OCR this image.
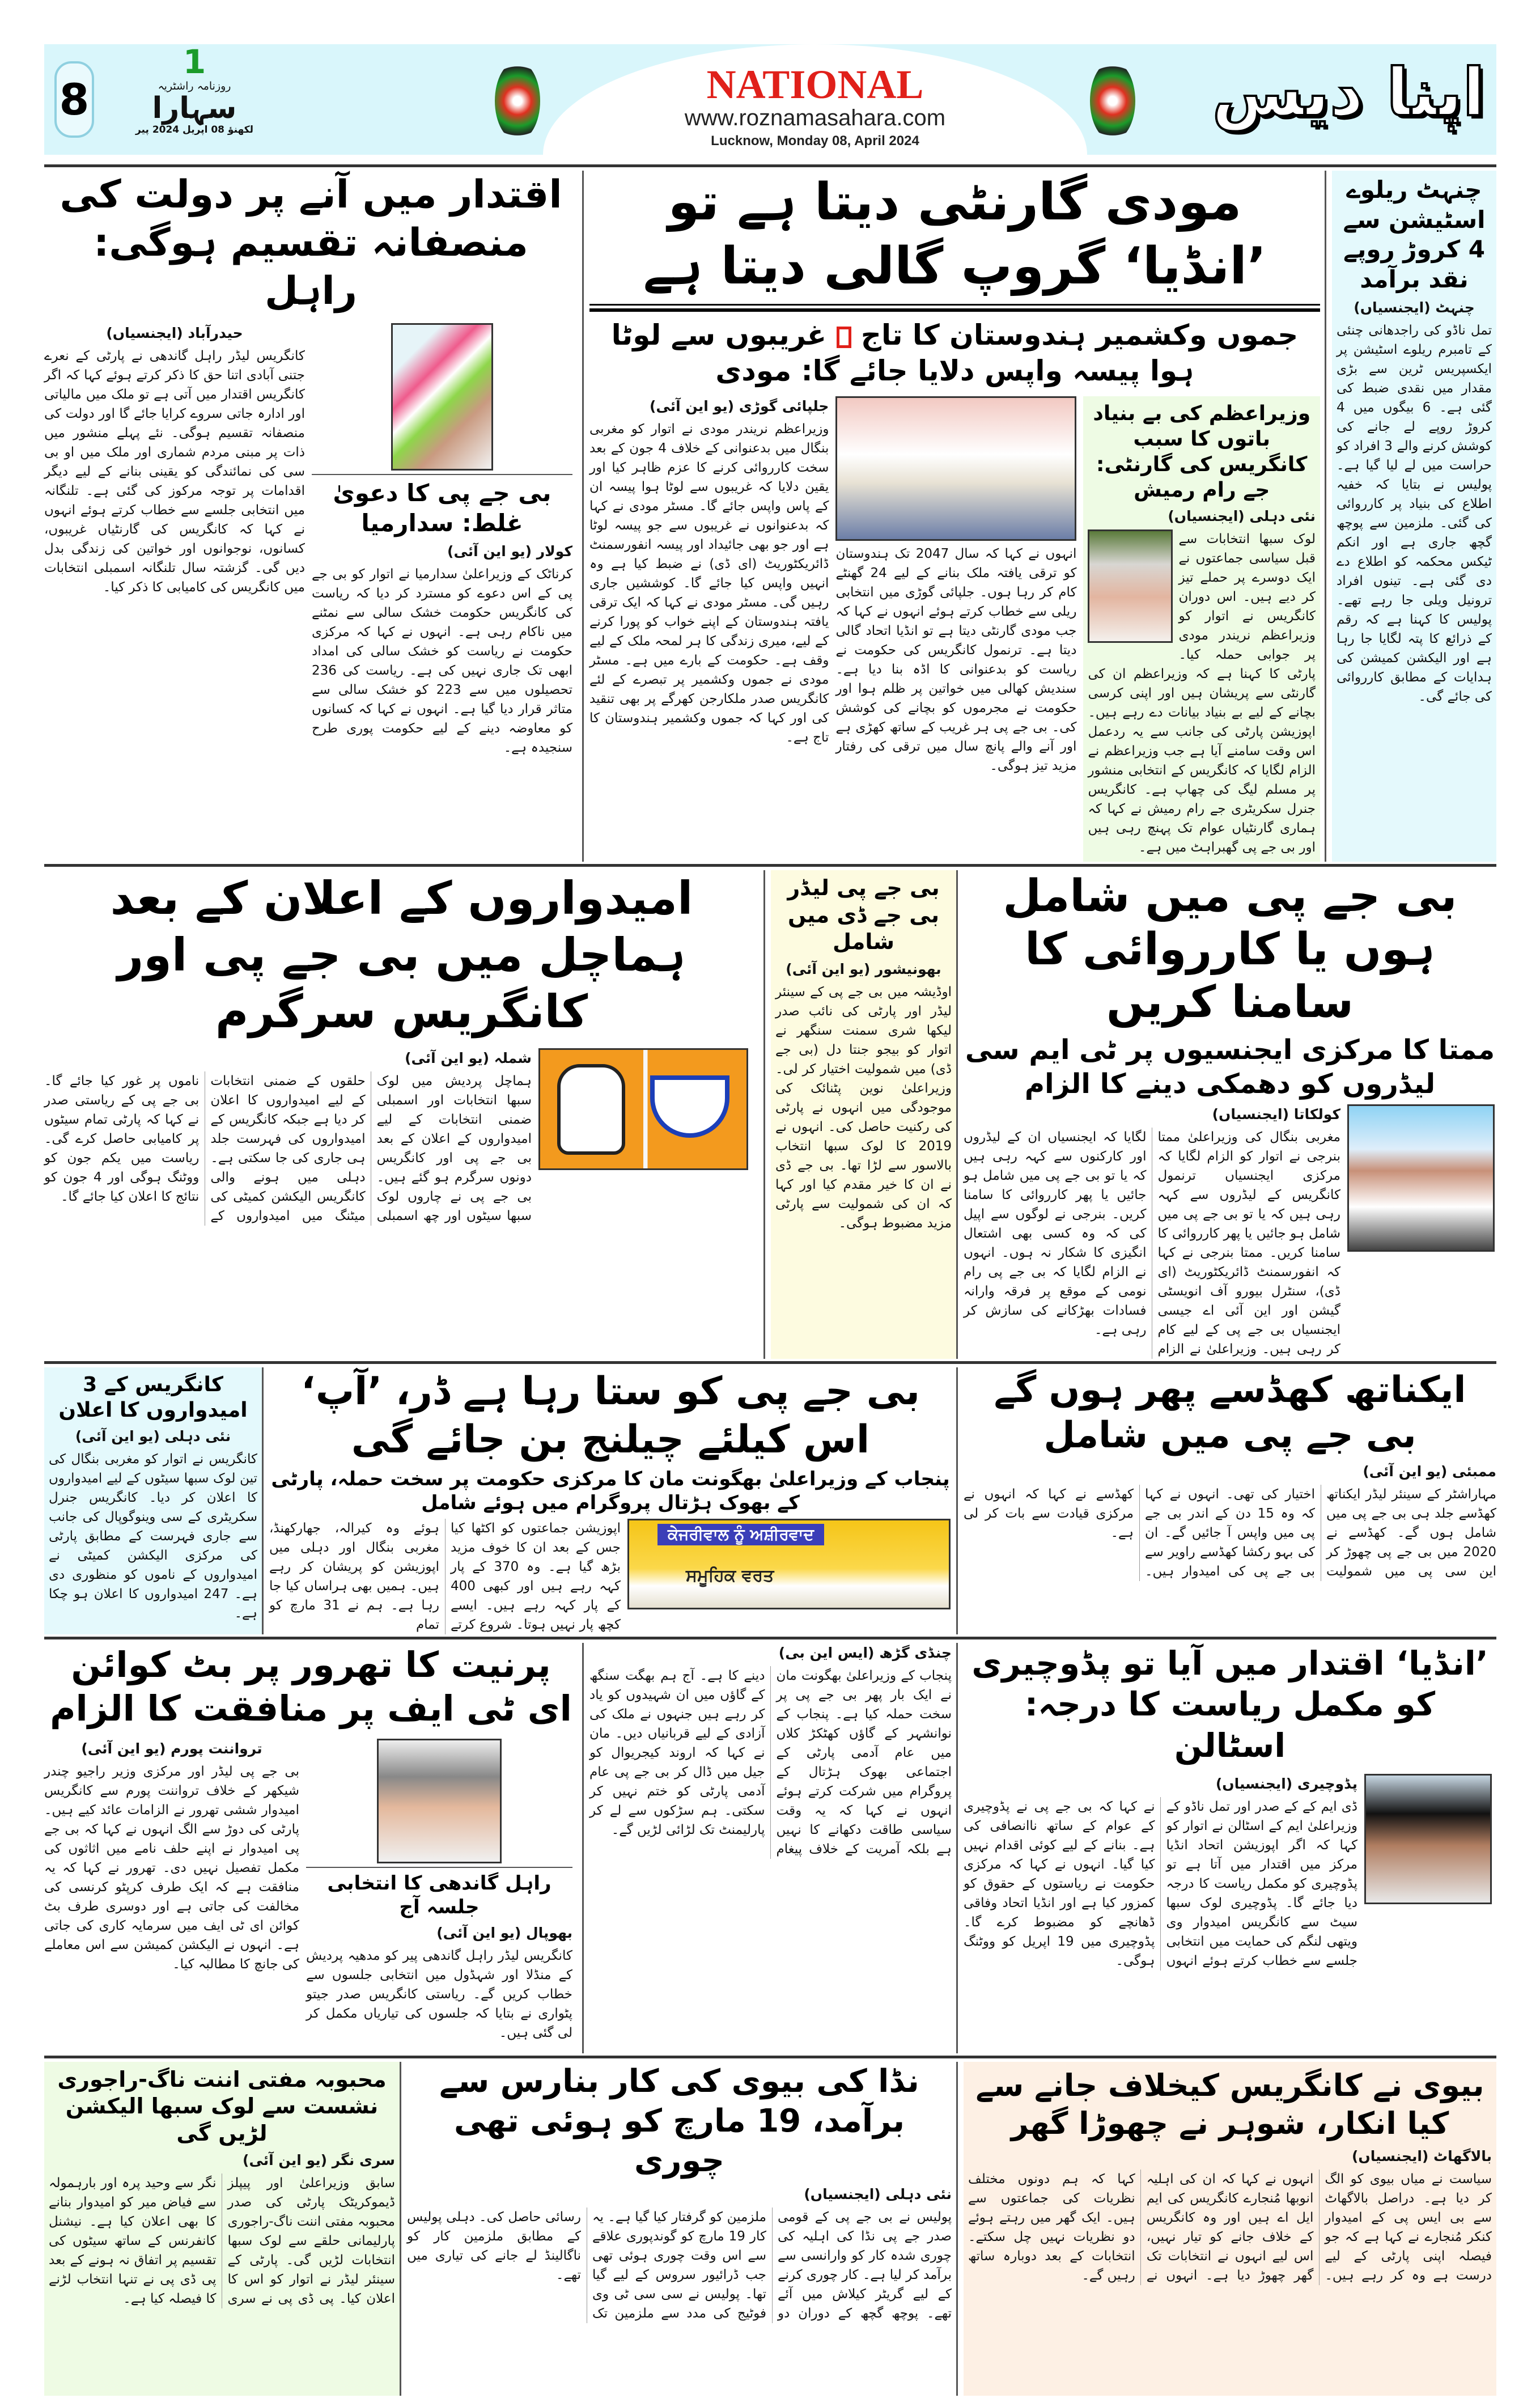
8
1
روزنامہ راشٹریہ
سہارا
لکھنؤ 08 اپریل 2024 پیر
NATIONAL
www.roznamasahara.com
Lucknow, Monday 08, April 2024
اپنا دیس
چنہٹ ریلوے اسٹیشن سے 4 کروڑ روپے نقد برآمد
چنہٹ (ایجنسیاں)
تمل ناڈو کی راجدھانی چنئی کے تامبرم ریلوے اسٹیشن پر ایکسپریس ٹرین سے بڑی مقدار میں نقدی ضبط کی گئی ہے۔ 6 بیگوں میں 4 کروڑ روپے لے جانے کی کوشش کرنے والے 3 افراد کو حراست میں لے لیا گیا ہے۔ پولیس نے بتایا کہ خفیہ اطلاع کی بنیاد پر کارروائی کی گئی۔ ملزمین سے پوچھ گچھ جاری ہے اور انکم ٹیکس محکمہ کو اطلاع دے دی گئی ہے۔ تینوں افراد ترونیل ویلی جا رہے تھے۔ پولیس کا کہنا ہے کہ رقم کے ذرائع کا پتہ لگایا جا رہا ہے اور الیکشن کمیشن کی ہدایات کے مطابق کارروائی کی جائے گی۔
مودی گارنٹی دیتا ہے تو ’انڈیا‘ گروپ گالی دیتا ہے
جموں وکشمیر ہندوستان کا تاج  غریبوں سے لوٹا ہوا پیسہ واپس دلایا جائے گا: مودی
جلپائی گوڑی (یو این آئی)
وزیراعظم نریندر مودی نے اتوار کو مغربی بنگال میں بدعنوانی کے خلاف 4 جون کے بعد سخت کارروائی کرنے کا عزم ظاہر کیا اور یقین دلایا کہ غریبوں سے لوٹا ہوا پیسہ ان کے پاس واپس جائے گا۔ مسٹر مودی نے کہا کہ بدعنوانوں نے غریبوں سے جو پیسہ لوٹا ہے اور جو بھی جائیداد اور پیسہ انفورسمنٹ ڈائریکٹوریٹ (ای ڈی) نے ضبط کیا ہے وہ انہیں واپس کیا جائے گا۔ کوششیں جاری رہیں گی۔ مسٹر مودی نے کہا کہ ایک ترقی یافتہ ہندوستان کے اپنے خواب کو پورا کرنے کے لیے، میری زندگی کا ہر لمحہ ملک کے لیے وقف ہے۔ حکومت کے بارے میں ہے۔ مسٹر مودی نے جموں وکشمیر پر تبصرے کے لئے کانگریس صدر ملکارجن کھرگے پر بھی تنقید کی اور کہا کہ جموں وکشمیر ہندوستان کا تاج ہے۔
انہوں نے کہا کہ سال 2047 تک ہندوستان کو ترقی یافتہ ملک بنانے کے لیے 24 گھنٹے کام کر رہا ہوں۔ جلپائی گوڑی میں انتخابی ریلی سے خطاب کرتے ہوئے انہوں نے کہا کہ جب مودی گارنٹی دیتا ہے تو انڈیا اتحاد گالی دیتا ہے۔ ترنمول کانگریس کی حکومت نے ریاست کو بدعنوانی کا اڈہ بنا دیا ہے۔ سندیش کھالی میں خواتین پر ظلم ہوا اور حکومت نے مجرموں کو بچانے کی کوشش کی۔ بی جے پی ہر غریب کے ساتھ کھڑی ہے اور آنے والے پانچ سال میں ترقی کی رفتار مزید تیز ہوگی۔
وزیراعظم کی بے بنیاد باتوں کا سبب کانگریس کی گارنٹی: جے رام رمیش
نئی دہلی (ایجنسیاں)
لوک سبھا انتخابات سے قبل سیاسی جماعتوں نے ایک دوسرے پر حملے تیز کر دیے ہیں۔ اس دوران کانگریس نے اتوار کو وزیراعظم نریندر مودی پر جوابی حملہ کیا۔ پارٹی کا کہنا ہے کہ وزیراعظم ان کی گارنٹی سے پریشان ہیں اور اپنی کرسی بچانے کے لیے بے بنیاد بیانات دے رہے ہیں۔ اپوزیشن پارٹی کی جانب سے یہ ردعمل اس وقت سامنے آیا ہے جب وزیراعظم نے الزام لگایا کہ کانگریس کے انتخابی منشور پر مسلم لیگ کی چھاپ ہے۔ کانگریس جنرل سکریٹری جے رام رمیش نے کہا کہ ہماری گارنٹیاں عوام تک پہنچ رہی ہیں اور بی جے پی گھبراہٹ میں ہے۔
اقتدار میں آنے پر دولت کی منصفانہ تقسیم ہوگی: راہل
حیدرآباد (ایجنسیاں)
کانگریس لیڈر راہل گاندھی نے پارٹی کے نعرے جتنی آبادی اتنا حق کا ذکر کرتے ہوئے کہا کہ اگر کانگریس اقتدار میں آتی ہے تو ملک میں مالیاتی اور ادارہ جاتی سروے کرایا جائے گا اور دولت کی منصفانہ تقسیم ہوگی۔ نئے پہلے منشور میں ذات پر مبنی مردم شماری اور ملک میں او بی سی کی نمائندگی کو یقینی بنانے کے لیے دیگر اقدامات پر توجہ مرکوز کی گئی ہے۔ تلنگانہ میں انتخابی جلسے سے خطاب کرتے ہوئے انہوں نے کہا کہ کانگریس کی گارنٹیاں غریبوں، کسانوں، نوجوانوں اور خواتین کی زندگی بدل دیں گی۔ گزشتہ سال تلنگانہ اسمبلی انتخابات میں کانگریس کی کامیابی کا ذکر کیا۔
بی جے پی کا دعویٰ غلط: سدارمیا
کولار (یو این آئی)
کرناٹک کے وزیراعلیٰ سدارمیا نے اتوار کو بی جے پی کے اس دعوے کو مسترد کر دیا کہ ریاست کی کانگریس حکومت خشک سالی سے نمٹنے میں ناکام رہی ہے۔ انہوں نے کہا کہ مرکزی حکومت نے ریاست کو خشک سالی کی امداد ابھی تک جاری نہیں کی ہے۔ ریاست کی 236 تحصیلوں میں سے 223 کو خشک سالی سے متاثر قرار دیا گیا ہے۔ انہوں نے کہا کہ کسانوں کو معاوضہ دینے کے لیے حکومت پوری طرح سنجیدہ ہے۔
بی جے پی میں شامل ہوں یا کارروائی کا سامنا کریں
ممتا کا مرکزی ایجنسیوں پر ٹی ایم سی لیڈروں کو دھمکی دینے کا الزام
کولکاتا (ایجنسیاں)
مغربی بنگال کی وزیراعلیٰ ممتا بنرجی نے اتوار کو الزام لگایا کہ مرکزی ایجنسیاں ترنمول کانگریس کے لیڈروں سے کہہ رہی ہیں کہ یا تو بی جے پی میں شامل ہو جائیں یا پھر کارروائی کا سامنا کریں۔ ممتا بنرجی نے کہا کہ انفورسمنٹ ڈائریکٹوریٹ (ای ڈی)، سنٹرل بیورو آف انویسٹی گیشن اور این آئی اے جیسی ایجنسیاں بی جے پی کے لیے کام کر رہی ہیں۔ وزیراعلیٰ نے الزام لگایا کہ ایجنسیاں ان کے لیڈروں اور کارکنوں سے کہہ رہی ہیں کہ یا تو بی جے پی میں شامل ہو جائیں یا پھر کارروائی کا سامنا کریں۔ بنرجی نے لوگوں سے اپیل کی کہ وہ کسی بھی اشتعال انگیزی کا شکار نہ ہوں۔ انہوں نے الزام لگایا کہ بی جے پی رام نومی کے موقع پر فرقہ وارانہ فسادات بھڑکانے کی سازش کر رہی ہے۔
بی جے پی لیڈر بی جے ڈی میں شامل
بھونیشور (یو این آئی)
اوڈیشہ میں بی جے پی کے سینئر لیڈر اور پارٹی کی نائب صدر لیکھا شری سمنت سنگھر نے اتوار کو بیجو جنتا دل (بی جے ڈی) میں شمولیت اختیار کر لی۔ وزیراعلیٰ نوین پٹنائک کی موجودگی میں انہوں نے پارٹی کی رکنیت حاصل کی۔ انہوں نے 2019 کا لوک سبھا انتخاب بالاسور سے لڑا تھا۔ بی جے ڈی نے ان کا خیر مقدم کیا اور کہا کہ ان کی شمولیت سے پارٹی مزید مضبوط ہوگی۔
امیدواروں کے اعلان کے بعد ہماچل میں بی جے پی اور کانگریس سرگرم
شملہ (یو این آئی)
ہماچل پردیش میں لوک سبھا انتخابات اور اسمبلی ضمنی انتخابات کے لیے امیدواروں کے اعلان کے بعد بی جے پی اور کانگریس دونوں سرگرم ہو گئے ہیں۔ بی جے پی نے چاروں لوک سبھا سیٹوں اور چھ اسمبلی حلقوں کے ضمنی انتخابات کے لیے امیدواروں کا اعلان کر دیا ہے جبکہ کانگریس کے امیدواروں کی فہرست جلد ہی جاری کی جا سکتی ہے۔ دہلی میں ہونے والی کانگریس الیکشن کمیٹی کی میٹنگ میں امیدواروں کے ناموں پر غور کیا جائے گا۔ بی جے پی کے ریاستی صدر نے کہا کہ پارٹی تمام سیٹوں پر کامیابی حاصل کرے گی۔ ریاست میں یکم جون کو ووٹنگ ہوگی اور 4 جون کو نتائج کا اعلان کیا جائے گا۔
ایکناتھ کھڈسے پھر ہوں گے بی جے پی میں شامل
ممبئی (یو این آئی)
مہاراشٹر کے سینئر لیڈر ایکناتھ کھڈسے جلد ہی بی جے پی میں شامل ہوں گے۔ کھڈسے نے 2020 میں بی جے پی چھوڑ کر این سی پی میں شمولیت اختیار کی تھی۔ انہوں نے کہا کہ وہ 15 دن کے اندر بی جے پی میں واپس آ جائیں گے۔ ان کی بہو رکشا کھڈسے راویر سے بی جے پی کی امیدوار ہیں۔ کھڈسے نے کہا کہ انہوں نے مرکزی قیادت سے بات کر لی ہے۔
بی جے پی کو ستا رہا ہے ڈر، ’آپ‘ اس کیلئے چیلنج بن جائے گی
پنجاب کے وزیراعلیٰ بھگونت مان کا مرکزی حکومت پر سخت حملہ، پارٹی کے بھوک ہڑتال پروگرام میں ہوئے شامل
اپوزیشن جماعتوں کو اکٹھا کیا جس کے بعد ان کا خوف مزید بڑھ گیا ہے۔ وہ 370 کے پار کہہ رہے ہیں اور کبھی 400 کے پار کہہ رہے ہیں۔ ایسے کچھ پار نہیں ہوتا۔ شروع کرتے ہوئے وہ کیرالہ، جھارکھنڈ، مغربی بنگال اور دہلی میں اپوزیشن کو پریشان کر رہے ہیں۔ ہمیں بھی ہراساں کیا جا رہا ہے۔ ہم نے 31 مارچ کو تمام
ਕੇਜਰੀਵਾਲ ਨੂੰ ਅਸ਼ੀਰਵਾਦ
ਸਮੂਹਿਕ ਵਰਤ
کانگریس کے 3 امیدواروں کا اعلان
نئی دہلی (یو این آئی)
کانگریس نے اتوار کو مغربی بنگال کی تین لوک سبھا سیٹوں کے لیے امیدواروں کا اعلان کر دیا۔ کانگریس جنرل سکریٹری کے سی وینوگوپال کی جانب سے جاری فہرست کے مطابق پارٹی کی مرکزی الیکشن کمیٹی نے امیدواروں کے ناموں کو منظوری دی ہے۔ 247 امیدواروں کا اعلان ہو چکا ہے۔
’انڈیا‘ اقتدار میں آیا تو پڈوچیری کو مکمل ریاست کا درجہ: اسٹالن
پڈوچیری (ایجنسیاں)
ڈی ایم کے کے صدر اور تمل ناڈو کے وزیراعلیٰ ایم کے اسٹالن نے اتوار کو کہا کہ اگر اپوزیشن اتحاد انڈیا مرکز میں اقتدار میں آتا ہے تو پڈوچیری کو مکمل ریاست کا درجہ دیا جائے گا۔ پڈوچیری لوک سبھا سیٹ سے کانگریس امیدوار وی ویتھی لنگم کی حمایت میں انتخابی جلسے سے خطاب کرتے ہوئے انہوں نے کہا کہ بی جے پی نے پڈوچیری کے عوام کے ساتھ ناانصافی کی ہے۔ بنانے کے لیے کوئی اقدام نہیں کیا گیا۔ انہوں نے کہا کہ مرکزی حکومت نے ریاستوں کے حقوق کو کمزور کیا ہے اور انڈیا اتحاد وفاقی ڈھانچے کو مضبوط کرے گا۔ پڈوچیری میں 19 اپریل کو ووٹنگ ہوگی۔
چنڈی گڑھ (ایس این بی)
پنجاب کے وزیراعلیٰ بھگونت مان نے ایک بار پھر بی جے پی پر سخت حملہ کیا ہے۔ پنجاب کے نوانشہر کے گاؤں کھٹکڑ کلاں میں عام آدمی پارٹی کے اجتماعی بھوک ہڑتال کے پروگرام میں شرکت کرتے ہوئے انہوں نے کہا کہ یہ وقت سیاسی طاقت دکھانے کا نہیں ہے بلکہ آمریت کے خلاف پیغام دینے کا ہے۔ آج ہم بھگت سنگھ کے گاؤں میں ان شہیدوں کو یاد کر رہے ہیں جنہوں نے ملک کی آزادی کے لیے قربانیاں دیں۔ مان نے کہا کہ اروند کیجریوال کو جیل میں ڈال کر بی جے پی عام آدمی پارٹی کو ختم نہیں کر سکتی۔ ہم سڑکوں سے لے کر پارلیمنٹ تک لڑائی لڑیں گے۔
پرنیت کا تھرور پر بٹ کوائن ای ٹی ایف پر منافقت کا الزام
ترواننت پورم (یو این آئی)
بی جے پی لیڈر اور مرکزی وزیر راجیو چندر شیکھر کے خلاف ترواننت پورم سے کانگریس امیدوار ششی تھرور نے الزامات عائد کیے ہیں۔ پارٹی کی دوڑ سے الگ انہوں نے کہا کہ بی جے پی امیدوار نے اپنے حلف نامے میں اثاثوں کی مکمل تفصیل نہیں دی۔ تھرور نے کہا کہ یہ منافقت ہے کہ ایک طرف کرپٹو کرنسی کی مخالفت کی جاتی ہے اور دوسری طرف بٹ کوائن ای ٹی ایف میں سرمایہ کاری کی جاتی ہے۔ انہوں نے الیکشن کمیشن سے اس معاملے کی جانچ کا مطالبہ کیا۔
راہل گاندھی کا انتخابی جلسہ آج
بھوپال (یو این آئی)
کانگریس لیڈر راہل گاندھی پیر کو مدھیہ پردیش کے منڈلا اور شہڈول میں انتخابی جلسوں سے خطاب کریں گے۔ ریاستی کانگریس صدر جیتو پٹواری نے بتایا کہ جلسوں کی تیاریاں مکمل کر لی گئی ہیں۔
بیوی نے کانگریس کیخلاف جانے سے کیا انکار، شوہر نے چھوڑا گھر
بالاگھاٹ (ایجنسیاں)
سیاست نے میاں بیوی کو الگ کر دیا ہے۔ دراصل بالاگھاٹ سے بی ایس پی کے امیدوار کنکر مُنجارے نے کہا ہے کہ جو فیصلہ اپنی پارٹی کے لیے درست ہے وہ کر رہے ہیں۔ انہوں نے کہا کہ ان کی اہلیہ انوبھا مُنجارے کانگریس کی ایم ایل اے ہیں اور وہ کانگریس کے خلاف جانے کو تیار نہیں، اس لیے انہوں نے انتخابات تک گھر چھوڑ دیا ہے۔ انہوں نے کہا کہ ہم دونوں مختلف نظریات کی جماعتوں سے ہیں۔ ایک گھر میں رہتے ہوئے دو نظریات نہیں چل سکتے۔ انتخابات کے بعد دوبارہ ساتھ رہیں گے۔
نڈا کی بیوی کی کار بنارس سے برآمد، 19 مارچ کو ہوئی تھی چوری
نئی دہلی (ایجنسیاں)
پولیس نے بی جے پی کے قومی صدر جے پی نڈا کی اہلیہ کی چوری شدہ کار کو وارانسی سے برآمد کر لیا ہے۔ کار چوری کرنے کے لیے گریٹر کیلاش میں آئے تھے۔ پوچھ گچھ کے دوران دو ملزمین کو گرفتار کیا گیا ہے۔ یہ کار 19 مارچ کو گوندپوری علاقے سے اس وقت چوری ہوئی تھی جب ڈرائیور سروس کے لیے گیا تھا۔ پولیس نے سی سی ٹی وی فوٹیج کی مدد سے ملزمین تک رسائی حاصل کی۔ دہلی پولیس کے مطابق ملزمین کار کو ناگالینڈ لے جانے کی تیاری میں تھے۔
محبوبہ مفتی اننت ناگ-راجوری نشست سے لوک سبھا الیکشن لڑیں گی
سری نگر (یو این آئی)
سابق وزیراعلیٰ اور پیپلز ڈیموکریٹک پارٹی کی صدر محبوبہ مفتی اننت ناگ-راجوری پارلیمانی حلقے سے لوک سبھا انتخابات لڑیں گی۔ پارٹی کے سینئر لیڈر نے اتوار کو اس کا اعلان کیا۔ پی ڈی پی نے سری نگر سے وحید پرہ اور بارہمولہ سے فیاض میر کو امیدوار بنانے کا بھی اعلان کیا ہے۔ نیشنل کانفرنس کے ساتھ سیٹوں کی تقسیم پر اتفاق نہ ہونے کے بعد پی ڈی پی نے تنہا انتخاب لڑنے کا فیصلہ کیا ہے۔
